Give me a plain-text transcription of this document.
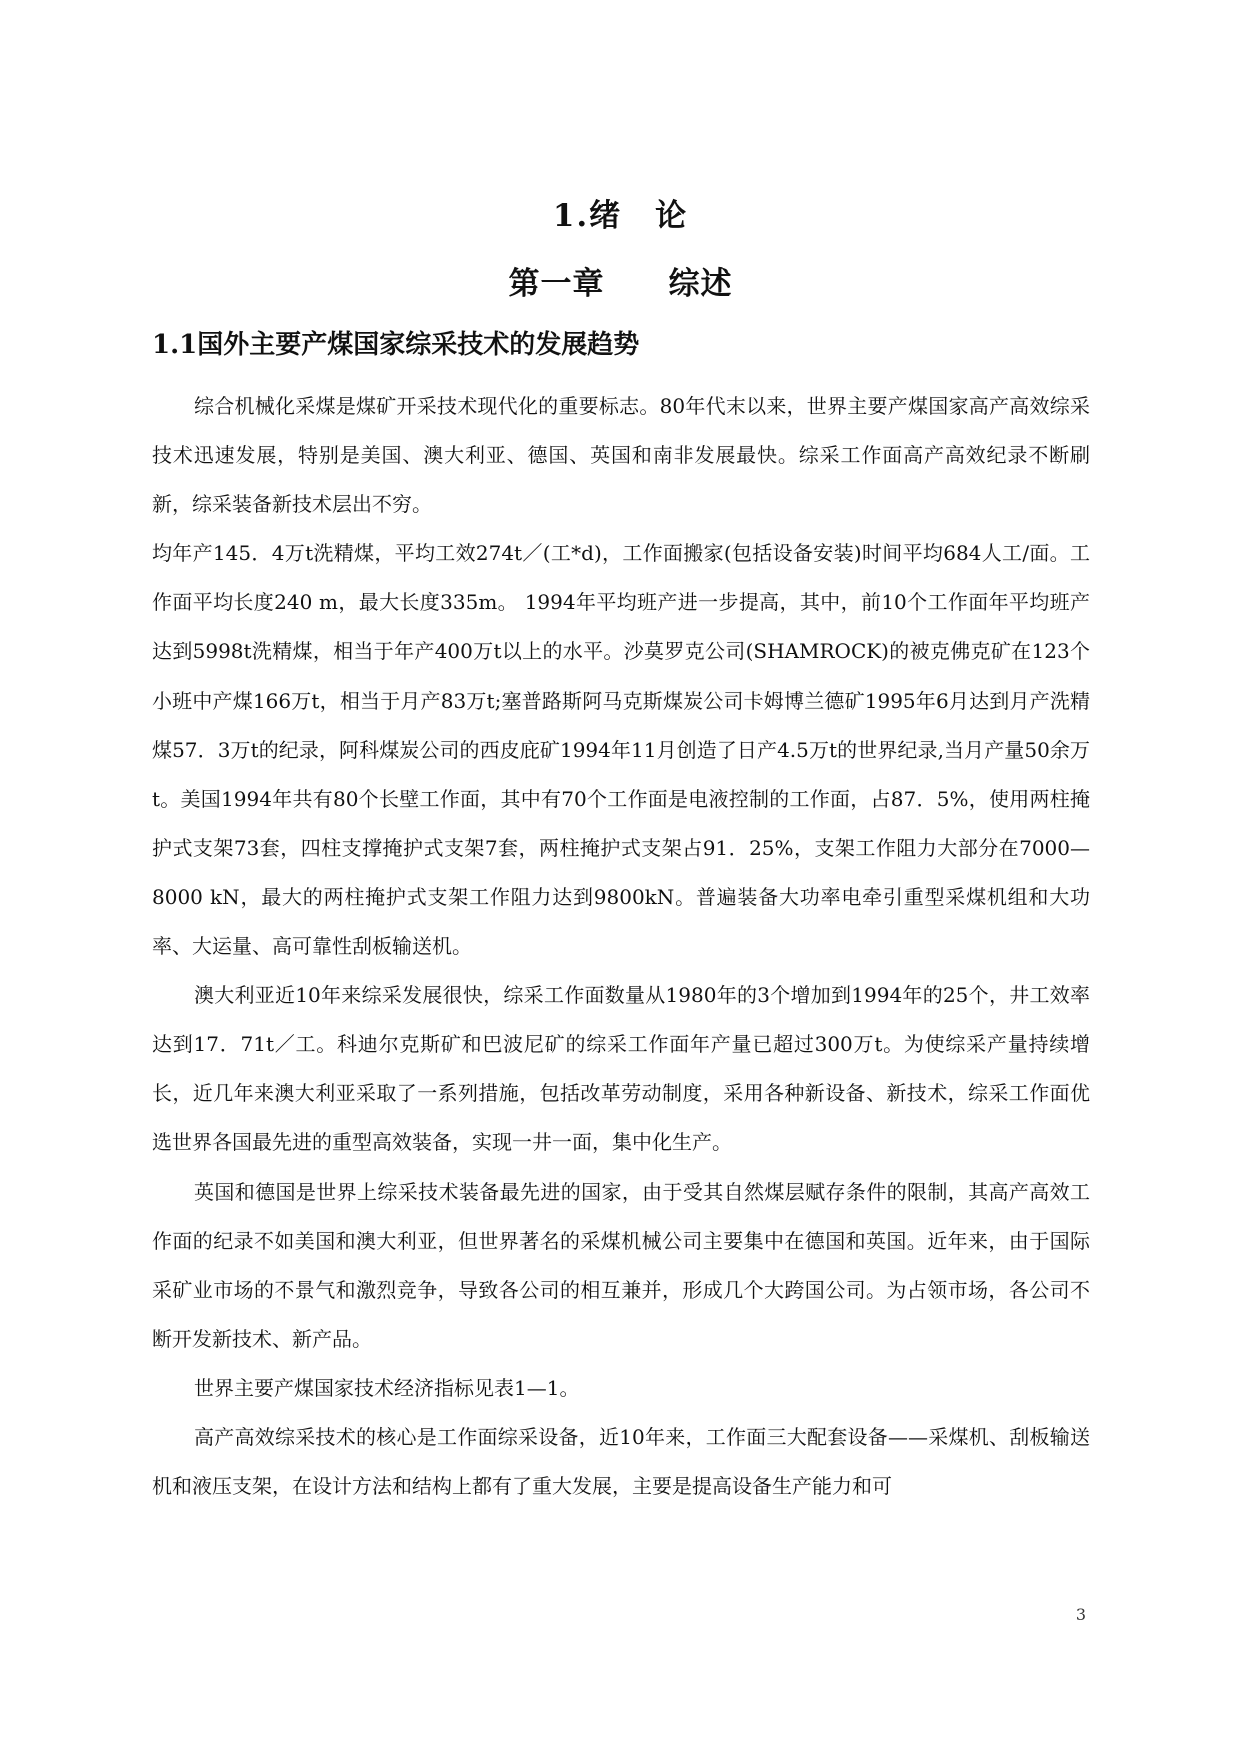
1.绪　论
第一章　　综述
1.1国外主要产煤国家综采技术的发展趋势

综合机械化采煤是煤矿开采技术现代化的重要标志。80年代末以来，世界主要产煤国家高产高效综采技术迅速发展，特别是美国、澳大利亚、德国、英国和南非发展最快。综采工作面高产高效纪录不断刷新，综采装备新技术层出不穷。

均年产145．4万t洗精煤，平均工效274t／(工*d)，工作面搬家(包括设备安装)时间平均684人工/面。工作面平均长度240 m，最大长度335m。 1994年平均班产进一步提高，其中，前10个工作面年平均班产达到5998t洗精煤，相当于年产400万t以上的水平。沙莫罗克公司(SHAMROCK)的被克佛克矿在123个小班中产煤166万t，相当于月产83万t;塞普路斯阿马克斯煤炭公司卡姆博兰德矿1995年6月达到月产洗精煤57．3万t的纪录，阿科煤炭公司的西皮庇矿1994年11月创造了日产4.5万t的世界纪录,当月产量50余万t。美国1994年共有80个长壁工作面，其中有70个工作面是电液控制的工作面，占87．5%，使用两柱掩护式支架73套，四柱支撑掩护式支架7套，两柱掩护式支架占91．25%，支架工作阻力大部分在7000—8000 kN，最大的两柱掩护式支架工作阻力达到9800kN。普遍装备大功率电牵引重型采煤机组和大功率、大运量、高可靠性刮板输送机。

澳大利亚近10年来综采发展很快，综采工作面数量从1980年的3个增加到1994年的25个，井工效率达到17．71t／工。科迪尔克斯矿和巴波尼矿的综采工作面年产量已超过300万t。为使综采产量持续增长，近几年来澳大利亚采取了一系列措施，包括改革劳动制度，采用各种新设备、新技术，综采工作面优选世界各国最先进的重型高效装备，实现一井一面，集中化生产。

英国和德国是世界上综采技术装备最先进的国家，由于受其自然煤层赋存条件的限制，其高产高效工作面的纪录不如美国和澳大利亚，但世界著名的采煤机械公司主要集中在德国和英国。近年来，由于国际采矿业市场的不景气和激烈竞争，导致各公司的相互兼并，形成几个大跨国公司。为占领市场，各公司不断开发新技术、新产品。

世界主要产煤国家技术经济指标见表1—1。

高产高效综采技术的核心是工作面综采设备，近10年来，工作面三大配套设备——采煤机、刮板输送机和液压支架，在设计方法和结构上都有了重大发展，主要是提高设备生产能力和可

3
